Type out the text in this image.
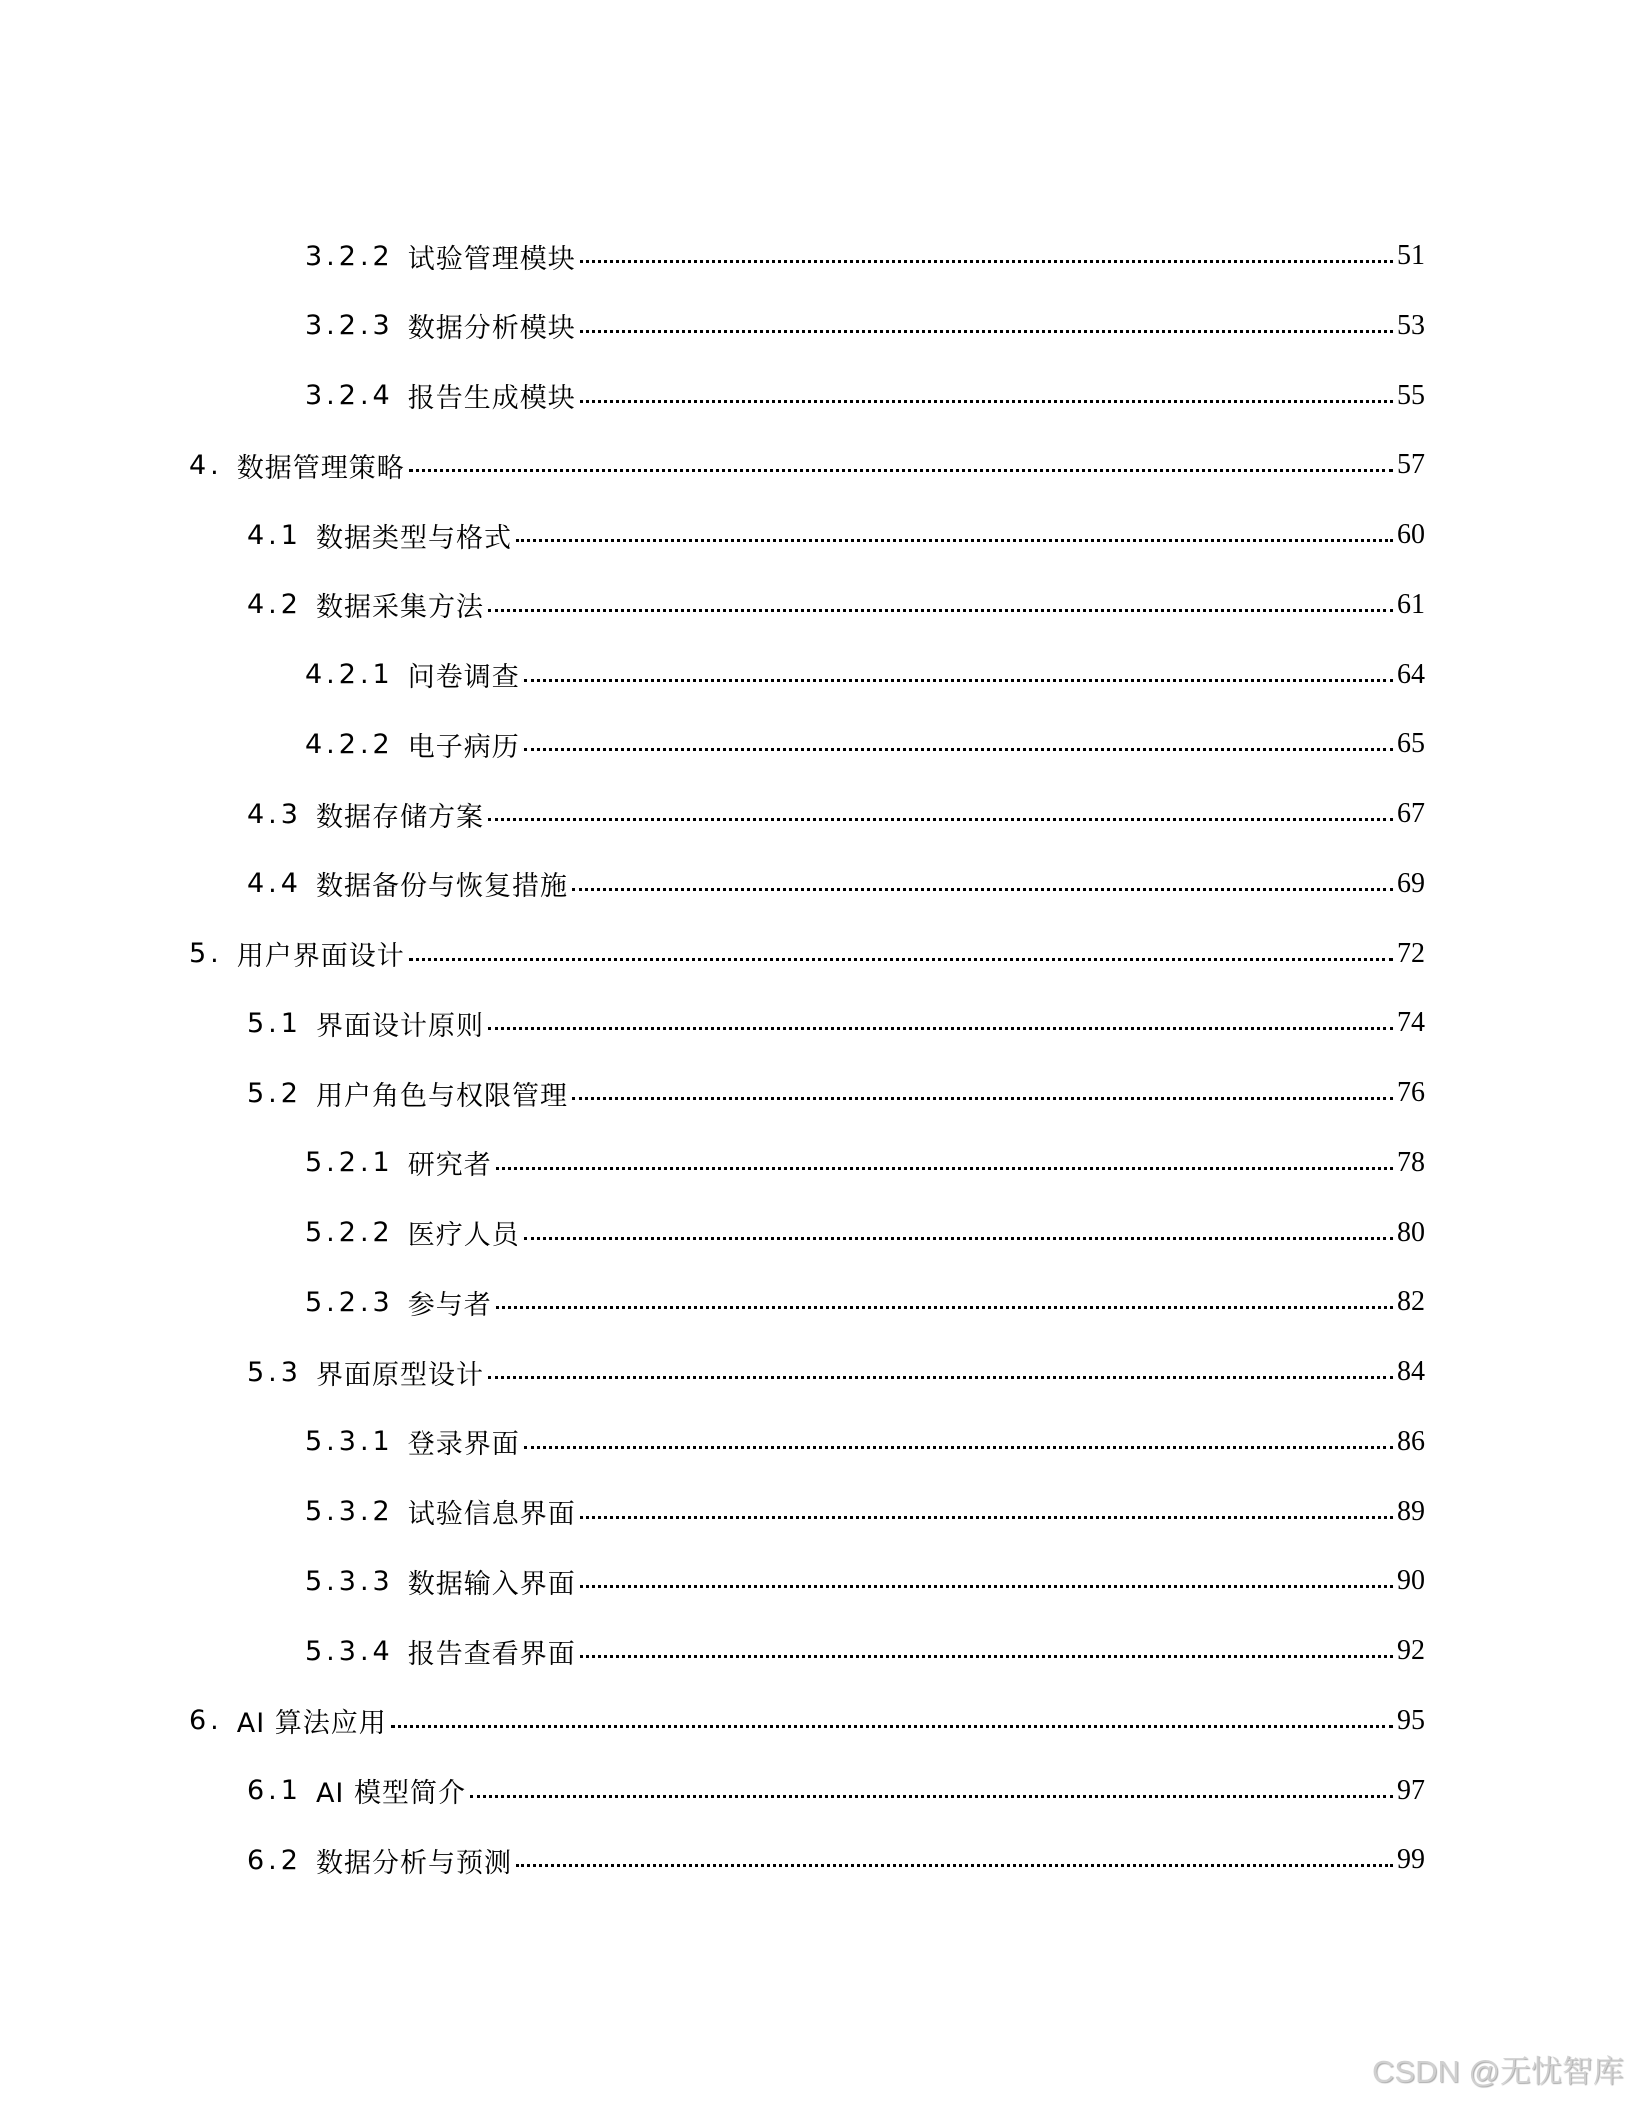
3.2.2 试验管理模块	51
3.2.3 数据分析模块	53
3.2.4 报告生成模块	55
4. 数据管理策略	57
4.1 数据类型与格式	60
4.2 数据采集方法	61
4.2.1 问卷调查	64
4.2.2 电子病历	65
4.3 数据存储方案	67
4.4 数据备份与恢复措施	69
5. 用户界面设计	72
5.1 界面设计原则	74
5.2 用户角色与权限管理	76
5.2.1 研究者	78
5.2.2 医疗人员	80
5.2.3 参与者	82
5.3 界面原型设计	84
5.3.1 登录界面	86
5.3.2 试验信息界面	89
5.3.3 数据输入界面	90
5.3.4 报告查看界面	92
6. AI 算法应用	95
6.1 AI 模型简介	97
6.2 数据分析与预测	99
CSDN @无忧智库
